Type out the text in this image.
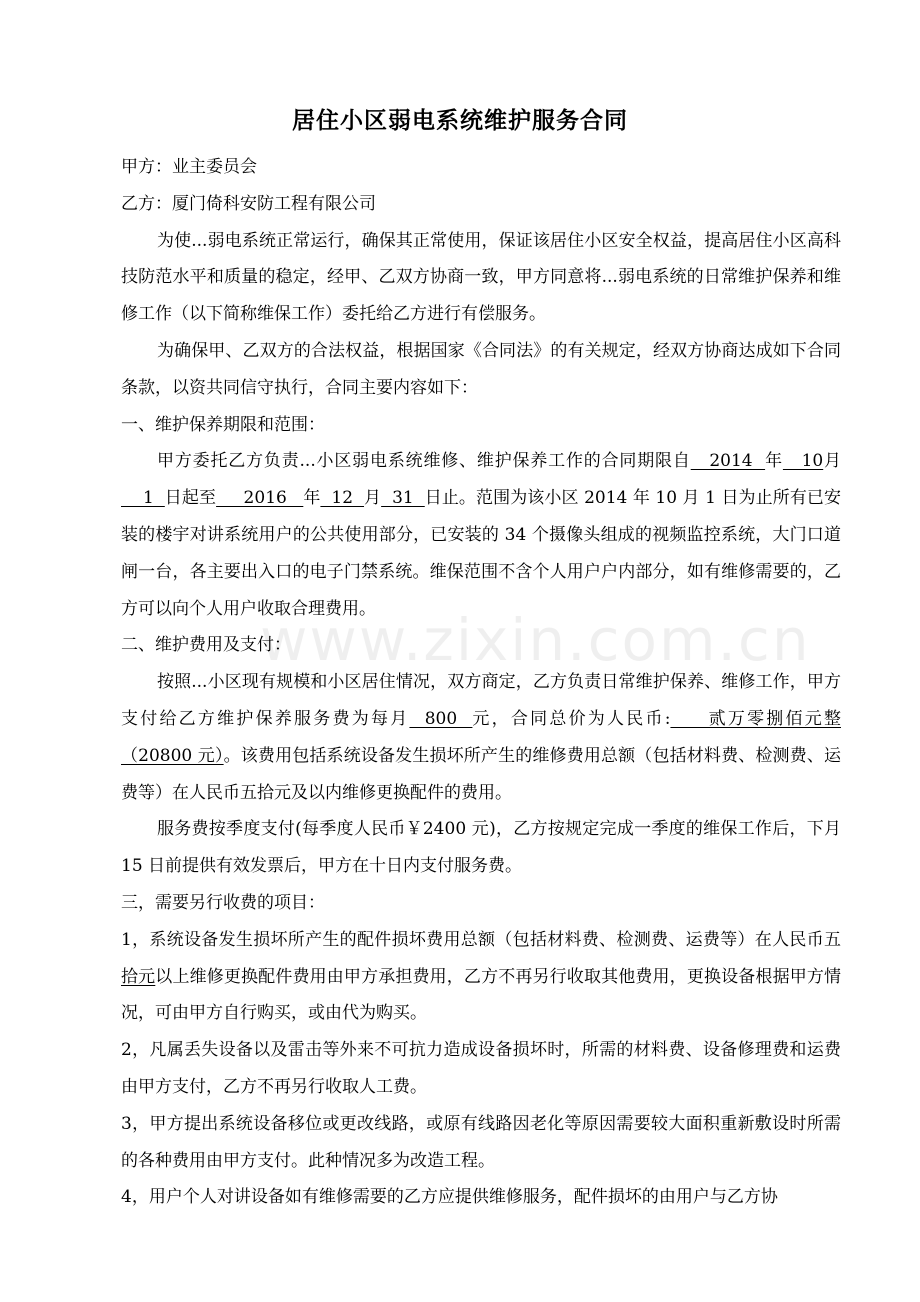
居住小区弱电系统维护服务合同

甲方：业主委员会

乙方：厦门倚科安防工程有限公司

为使...弱电系统正常运行，确保其正常使用，保证该居住小区安全权益，提高居住小区高科技防范水平和质量的稳定，经甲、乙双方协商一致，甲方同意将...弱电系统的日常维护保养和维修工作（以下简称维保工作）委托给乙方进行有偿服务。

为确保甲、乙双方的合法权益，根据国家《合同法》的有关规定，经双方协商达成如下合同条款，以资共同信守执行，合同主要内容如下：

一、维护保养期限和范围：

甲方委托乙方负责...小区弱电系统维修、维护保养工作的合同期限自   2014  年   10月    1  日起至     2016   年  12  月  31  日止。范围为该小区 2014 年 10 月 1 日为止所有已安装的楼宇对讲系统用户的公共使用部分，已安装的 34 个摄像头组成的视频监控系统，大门口道闸一台，各主要出入口的电子门禁系统。维保范围不含个人用户户内部分，如有维修需要的，乙方可以向个人用户收取合理费用。

二、维护费用及支付：

按照...小区现有规模和小区居住情况，双方商定，乙方负责日常维护保养、维修工作，甲方支付给乙方维护保养服务费为每月  800  元，合同总价为人民币:     贰万零捌佰元整（20800 元）。该费用包括系统设备发生损坏所产生的维修费用总额（包括材料费、检测费、运费等）在人民币五拾元及以内维修更换配件的费用。

服务费按季度支付(每季度人民币￥2400 元)，乙方按规定完成一季度的维保工作后，下月 15 日前提供有效发票后，甲方在十日内支付服务费。

三，需要另行收费的项目：

1，系统设备发生损坏所产生的配件损坏费用总额（包括材料费、检测费、运费等）在人民币五拾元以上维修更换配件费用由甲方承担费用，乙方不再另行收取其他费用，更换设备根据甲方情况，可由甲方自行购买，或由代为购买。

2，凡属丢失设备以及雷击等外来不可抗力造成设备损坏时，所需的材料费、设备修理费和运费由甲方支付，乙方不再另行收取人工费。

3，甲方提出系统设备移位或更改线路，或原有线路因老化等原因需要较大面积重新敷设时所需的各种费用由甲方支付。此种情况多为改造工程。

4，用户个人对讲设备如有维修需要的乙方应提供维修服务，配件损坏的由用户与乙方协

www.zixin.com.cn
